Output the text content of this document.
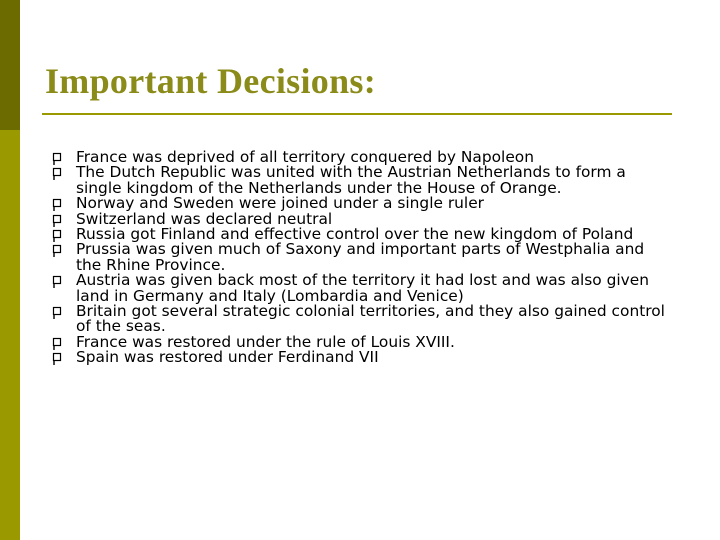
Important Decisions:
France was deprived of all territory conquered by Napoleon
The Dutch Republic was united with the Austrian Netherlands to form a single kingdom of the Netherlands under the House of Orange.
Norway and Sweden were joined under a single ruler
Switzerland was declared neutral
Russia got Finland and effective control over the new kingdom of Poland
Prussia was given much of Saxony and important parts of Westphalia and the Rhine Province.
Austria was given back most of the territory it had lost and was also given land in Germany and Italy (Lombardia and Venice)
Britain got several strategic colonial territories, and they also gained control of the seas.
France was restored under the rule of Louis XVIII.
Spain was restored under Ferdinand VII
